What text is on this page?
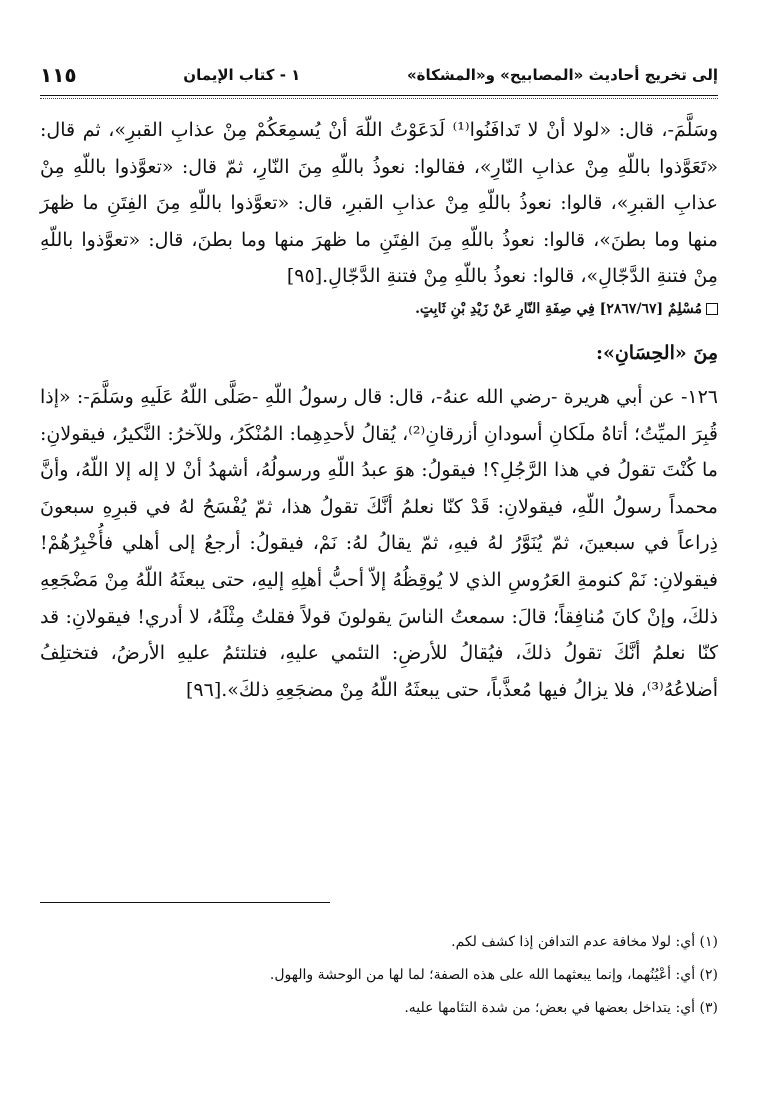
إلى تخريج أحاديث «المصابيح» و«المشكاة»
١ - كتاب الإيمان
١١٥

وسَلَّمَ-، قال: «لولا أنْ لا تَدافَنُوا⁽¹⁾ لَدَعَوْتُ اللّهَ أنْ يُسمِعَكُمْ مِنْ عذابِ القبرِ»، ثم قال: «تَعَوَّذوا باللّهِ مِنْ عذابِ النّارِ»، فقالوا: نعوذُ باللّهِ مِنَ النّارِ، ثمّ قال: «تعوَّذوا باللّهِ مِنْ عذابِ القبرِ»، قالوا: نعوذُ باللّهِ مِنْ عذابِ القبرِ، قال: «تعوَّذوا باللّهِ مِنَ الفِتَنِ ما ظهرَ منها وما بطنَ»، قالوا: نعوذُ باللّهِ مِنَ الفِتَنِ ما ظهرَ منها وما بطنَ، قال: «تعوَّذوا باللّهِ مِنْ فتنةِ الدَّجّالِ»، قالوا: نعوذُ باللّهِ مِنْ فتنةِ الدَّجّالِ.[٩٥]

مُسْلِمٌ [٢٨٦٧/٦٧] فِي صِفَةِ النّارِ عَنْ زَيْدِ بْنِ ثَابِتٍ.
مِنَ «الحِسَانِ»:

١٢٦- عن أبي هريرة -رضي الله عنهُ-، قال: قال رسولُ اللّهِ -صَلَّى اللّهُ عَلَيهِ وسَلَّمَ-: «إذا قُبِرَ الميِّتُ؛ أتاهُ ملَكانِ أسودانِ أزرقانِ⁽²⁾، يُقالُ لأحدِهِما: المُنْكَرُ، وللآخرُ: النَّكيرُ، فيقولانِ: ما كُنْتَ تقولُ في هذا الرَّجُلِ؟! فيقولُ: هوَ عبدُ اللّهِ ورسولُهُ، أشهدُ أنْ لا إله إلا اللّهُ، وأنَّ محمداً رسولُ اللّهِ، فيقولانِ: قَدْ كنّا نعلمُ أنَّكَ تقولُ هذا، ثمّ يُفْسَحُ لهُ في قبرِهِ سبعونَ ذِراعاً في سبعينَ، ثمّ يُنَوَّرُ لهُ فيهِ، ثمّ يقالُ لهُ: نَمْ، فيقولُ: أرجعُ إلى أهلي فأُخْبِرُهُمْ! فيقولانِ: نَمْ كنومةِ العَرُوسِ الذي لا يُوقِظُهُ إلاّ أحبُّ أهلِهِ إليهِ، حتى يبعثَهُ اللّهُ مِنْ مَضْجَعِهِ ذلكَ، وإنْ كانَ مُنافِقاً؛ قالَ: سمعتُ الناسَ يقولونَ قولاً فقلتُ مِثْلَهُ، لا أدري! فيقولانِ: قد كنّا نعلمُ أنَّكَ تقولُ ذلكَ، فيُقالُ للأرضِ: التئمي عليهِ، فتلتئمُ عليهِ الأرضُ، فتختلِفُ أضلاعُهُ⁽³⁾، فلا يزالُ فيها مُعذَّباً، حتى يبعثَهُ اللّهُ مِنْ مضجَعِهِ ذلكَ».[٩٦]

(١) أي: لولا مخافة عدم التدافن إذا كشف لكم.
(٢) أي: أعْيُنُهما، وإنما يبعثهما الله على هذه الصفة؛ لما لها من الوحشة والهول.
(٣) أي: يتداخل بعضها في بعض؛ من شدة التئامها عليه.
